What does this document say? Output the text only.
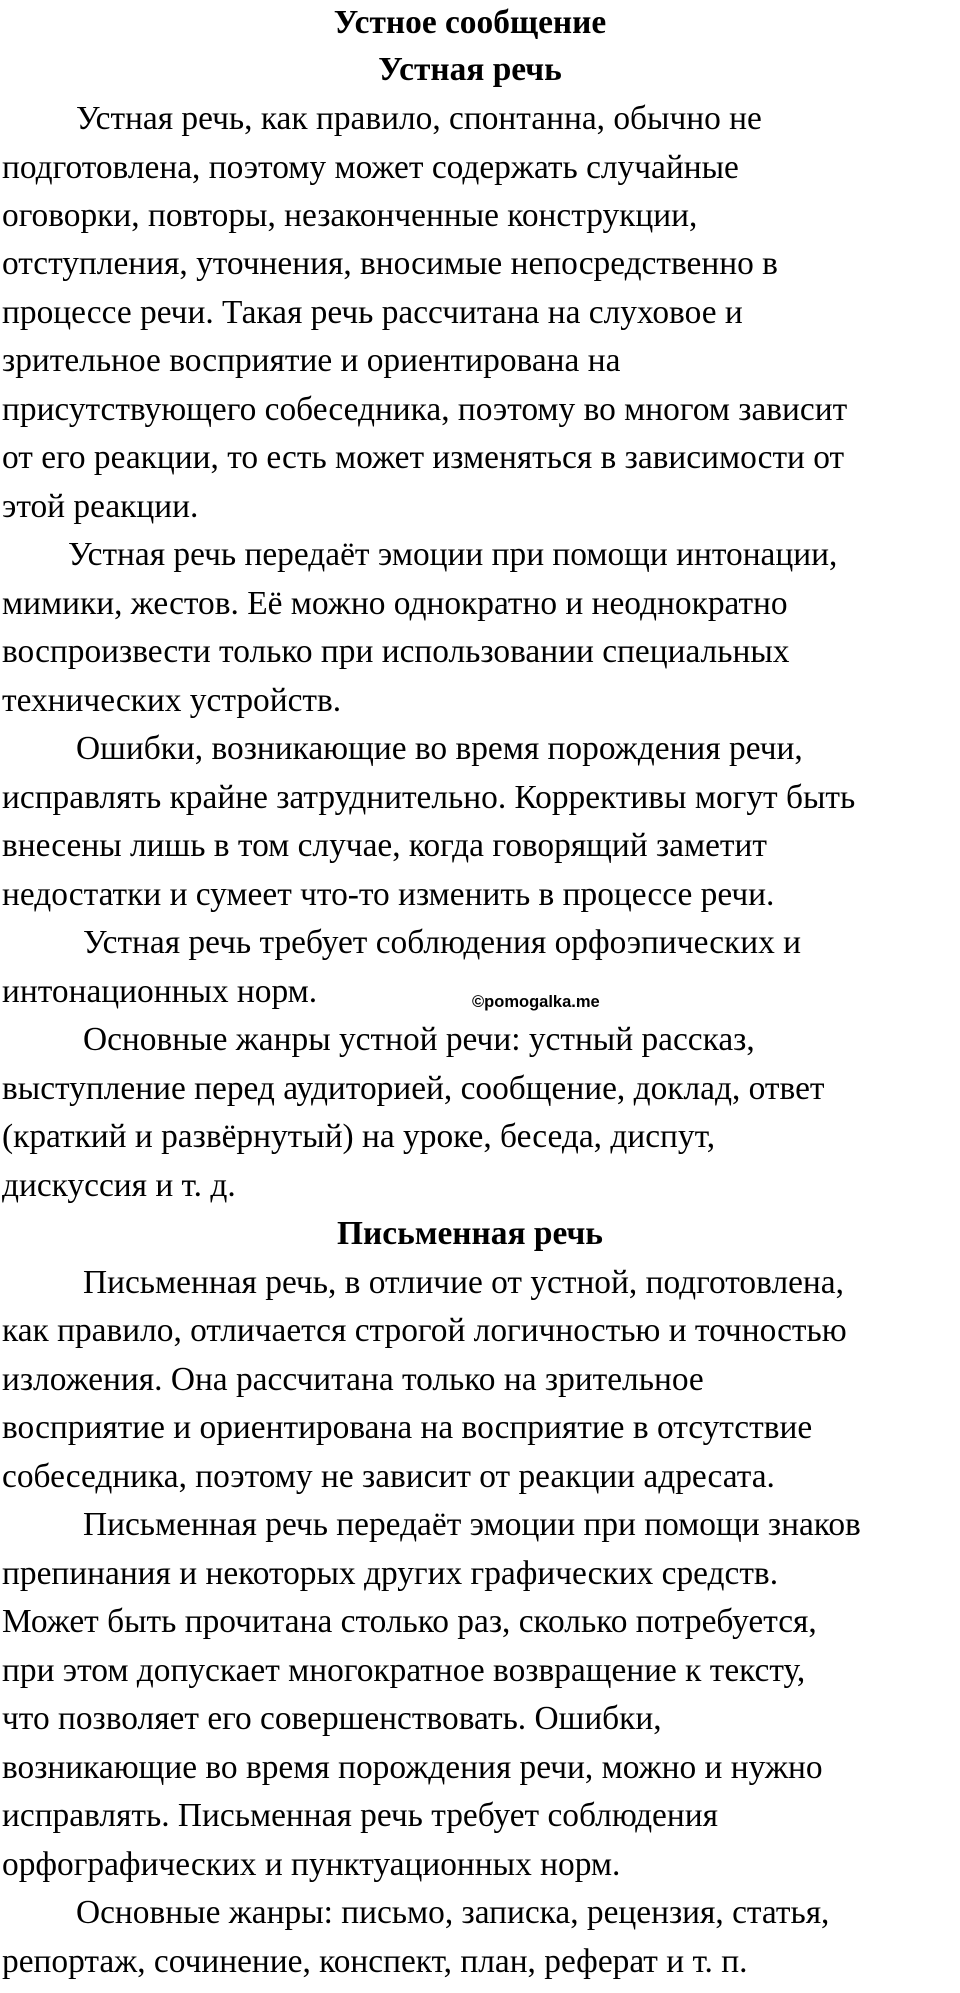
Устное сообщение
Устная речь

Устная речь, как правило, спонтанна, обычно не

подготовлена, поэтому может содержать случайные

оговорки, повторы, незаконченные конструкции,

отступления, уточнения, вносимые непосредственно в

процессе речи. Такая речь рассчитана на слуховое и

зрительное восприятие и ориентирована на

присутствующего собеседника, поэтому во многом зависит

от его реакции, то есть может изменяться в зависимости от

этой реакции.

Устная речь передаёт эмоции при помощи интонации,

мимики, жестов. Её можно однократно и неоднократно

воспроизвести только при использовании специальных

технических устройств.

Ошибки, возникающие во время порождения речи,

исправлять крайне затруднительно. Коррективы могут быть

внесены лишь в том случае, когда говорящий заметит

недостатки и сумеет что-то изменить в процессе речи.

Устная речь требует соблюдения орфоэпических и

интонационных норм.	©pomogalka.me

Основные жанры устной речи: устный рассказ,

выступление перед аудиторией, сообщение, доклад, ответ

(краткий и развёрнутый) на уроке, беседа, диспут,

дискуссия и т. д.

Письменная речь

Письменная речь, в отличие от устной, подготовлена,

как правило, отличается строгой логичностью и точностью

изложения. Она рассчитана только на зрительное

восприятие и ориентирована на восприятие в отсутствие

собеседника, поэтому не зависит от реакции адресата.

Письменная речь передаёт эмоции при помощи знаков

препинания и некоторых других графических средств.

Может быть прочитана столько раз, сколько потребуется,

при этом допускает многократное возвращение к тексту,

что позволяет его совершенствовать. Ошибки,

возникающие во время порождения речи, можно и нужно

исправлять. Письменная речь требует соблюдения

орфографических и пунктуационных норм.

Основные жанры: письмо, записка, рецензия, статья,

репортаж, сочинение, конспект, план, реферат и т. п.
